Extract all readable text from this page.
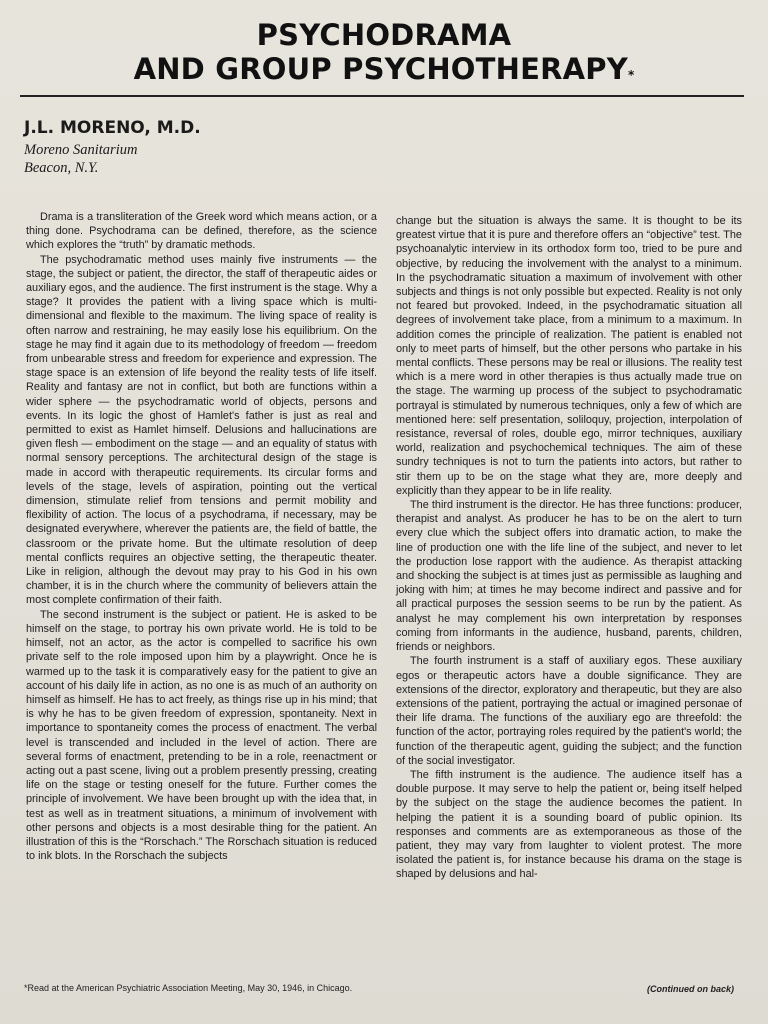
PSYCHODRAMA
AND GROUP PSYCHOTHERAPY*
J.L. MORENO, M.D.
Moreno Sanitarium
Beacon, N.Y.

Drama is a transliteration of the Greek word which means action, or a thing done. Psychodrama can be defined, therefore, as the science which explores the “truth” by dramatic methods.

The psychodramatic method uses mainly five instruments — the stage, the subject or patient, the director, the staff of therapeutic aides or auxiliary egos, and the audience. The first instrument is the stage. Why a stage? It provides the patient with a living space which is multi-dimensional and flexible to the maximum. The living space of reality is often narrow and restraining, he may easily lose his equilibrium. On the stage he may find it again due to its methodology of freedom — freedom from unbearable stress and freedom for experience and expression. The stage space is an extension of life beyond the reality tests of life itself. Reality and fantasy are not in conflict, but both are functions within a wider sphere — the psychodramatic world of objects, persons and events. In its logic the ghost of Hamlet's father is just as real and permitted to exist as Hamlet himself. Delusions and hallucinations are given flesh — embodiment on the stage — and an equality of status with normal sensory perceptions. The architectural design of the stage is made in accord with therapeutic requirements. Its circular forms and levels of the stage, levels of aspiration, pointing out the vertical dimension, stimulate relief from tensions and permit mobility and flexibility of action. The locus of a psychodrama, if necessary, may be designated everywhere, wherever the patients are, the field of battle, the classroom or the private home. But the ultimate resolution of deep mental conflicts requires an objective setting, the therapeutic theater. Like in religion, although the devout may pray to his God in his own chamber, it is in the church where the community of believers attain the most complete confirmation of their faith.

The second instrument is the subject or patient. He is asked to be himself on the stage, to portray his own private world. He is told to be himself, not an actor, as the actor is compelled to sacrifice his own private self to the role imposed upon him by a playwright. Once he is warmed up to the task it is comparatively easy for the patient to give an account of his daily life in action, as no one is as much of an authority on himself as himself. He has to act freely, as things rise up in his mind; that is why he has to be given freedom of expression, spontaneity. Next in importance to spontaneity comes the process of enactment. The verbal level is transcended and included in the level of action. There are several forms of enactment, pretending to be in a role, reenactment or acting out a past scene, living out a problem presently pressing, creating life on the stage or testing oneself for the future. Further comes the principle of involvement. We have been brought up with the idea that, in test as well as in treatment situations, a minimum of involvement with other persons and objects is a most desirable thing for the patient. An illustration of this is the “Rorschach.” The Rorschach situation is reduced to ink blots. In the Rorschach the subjects

change but the situation is always the same. It is thought to be its greatest virtue that it is pure and therefore offers an “objective” test. The psychoanalytic interview in its orthodox form too, tried to be pure and objective, by reducing the involvement with the analyst to a minimum. In the psychodramatic situation a maximum of involvement with other subjects and things is not only possible but expected. Reality is not only not feared but provoked. Indeed, in the psychodramatic situation all degrees of involvement take place, from a minimum to a maximum. In addition comes the principle of realization. The patient is enabled not only to meet parts of himself, but the other persons who partake in his mental conflicts. These persons may be real or illusions. The reality test which is a mere word in other therapies is thus actually made true on the stage. The warming up process of the subject to psychodramatic portrayal is stimulated by numerous techniques, only a few of which are mentioned here: self presentation, soliloquy, projection, interpolation of resistance, reversal of roles, double ego, mirror techniques, auxiliary world, realization and psychochemical techniques. The aim of these sundry techniques is not to turn the patients into actors, but rather to stir them up to be on the stage what they are, more deeply and explicitly than they appear to be in life reality.

The third instrument is the director. He has three functions: producer, therapist and analyst. As producer he has to be on the alert to turn every clue which the subject offers into dramatic action, to make the line of production one with the life line of the subject, and never to let the production lose rapport with the audience. As therapist attacking and shocking the subject is at times just as permissible as laughing and joking with him; at times he may become indirect and passive and for all practical purposes the session seems to be run by the patient. As analyst he may complement his own interpretation by responses coming from informants in the audience, husband, parents, children, friends or neighbors.

The fourth instrument is a staff of auxiliary egos. These auxiliary egos or therapeutic actors have a double significance. They are extensions of the director, exploratory and therapeutic, but they are also extensions of the patient, portraying the actual or imagined personae of their life drama. The functions of the auxiliary ego are threefold: the function of the actor, portraying roles required by the patient's world; the function of the therapeutic agent, guiding the subject; and the function of the social investigator.

The fifth instrument is the audience. The audience itself has a double purpose. It may serve to help the patient or, being itself helped by the subject on the stage the audience becomes the patient. In helping the patient it is a sounding board of public opinion. Its responses and comments are as extemporaneous as those of the patient, they may vary from laughter to violent protest. The more isolated the patient is, for instance because his drama on the stage is shaped by delusions and hal-

*Read at the American Psychiatric Association Meeting, May 30, 1946, in Chicago.	(Continued on back)
